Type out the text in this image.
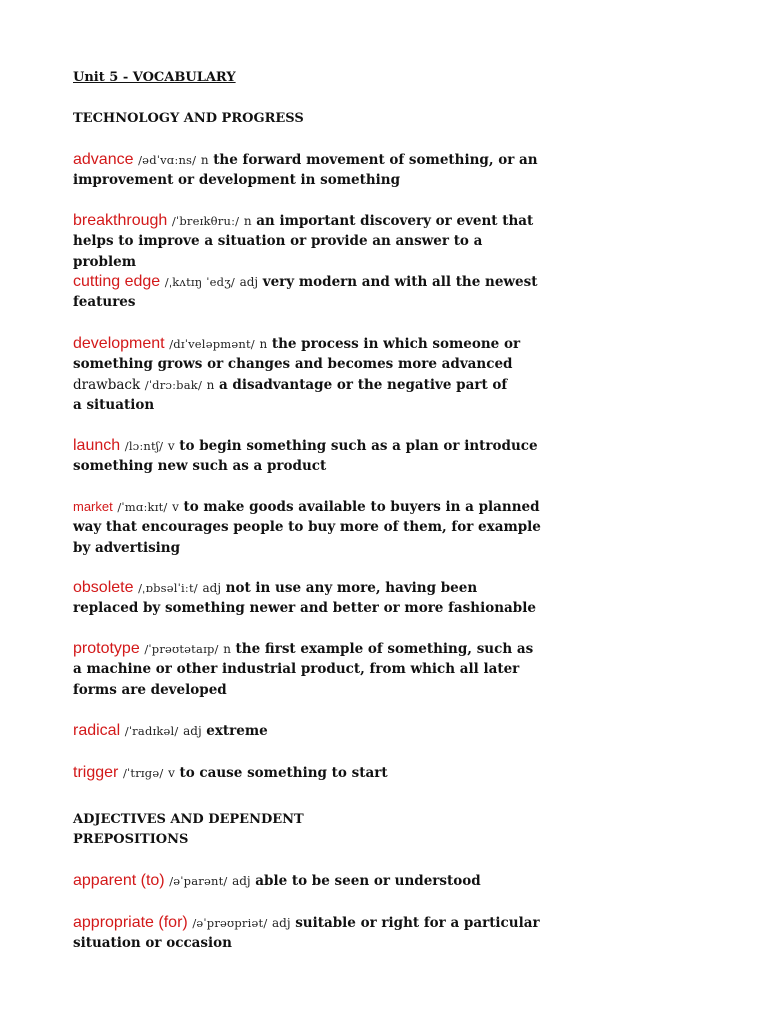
Unit 5 - VOCABULARY
TECHNOLOGY AND PROGRESS
advance /ədˈvɑːns/ n the forward movement of something, or an improvement or development in something
breakthrough /ˈbreɪkθruː/ n an important discovery or event that helps to improve a situation or provide an answer to a problem
cutting edge /ˌkʌtɪŋ ˈedʒ/ adj very modern and with all the newest features
development /dɪˈveləpmənt/ n the process in which someone or something grows or changes and becomes more advanced
drawback /ˈdrɔːbak/ n a disadvantage or the negative part of
a situation
launch /lɔːntʃ/ v to begin something such as a plan or introduce something new such as a product
market /ˈmɑːkɪt/ v to make goods available to buyers in a planned way that encourages people to buy more of them, for example by advertising
obsolete /ˌɒbsəlˈiːt/ adj not in use any more, having been replaced by something newer and better or more fashionable
prototype /ˈprəʊtətaɪp/ n the first example of something, such as a machine or other industrial product, from which all later forms are developed
radical /ˈradɪkəl/ adj extreme
trigger /ˈtrɪgə/ v to cause something to start
ADJECTIVES AND DEPENDENT
PREPOSITIONS
apparent (to) /əˈparənt/ adj able to be seen or understood
appropriate (for) /əˈprəʊpriət/ adj suitable or right for a particular situation or occasion
